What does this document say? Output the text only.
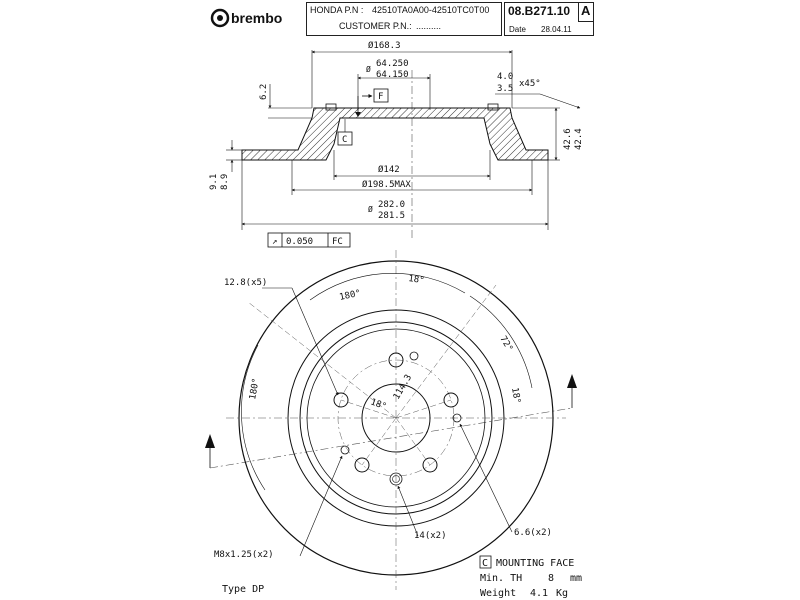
brembo	HONDA P.N : 42510TA0A00-42510TC0T00
CUSTOMER P.N.: ..........
08.B271.10 A
Date 28.04.11
Ø168.3
Ø
64.250
64.150	4.0
3.5 x45°
6.2	F
C	42.6 42.4
9.1 8.9
Ø142
Ø198.5MAX
Ø 282.0
281.5
↗ 0.050 FC
180°
18°
72°
180°	18°
114.3
18°
12.8(x5)
14(x2)
M8x1.25(x2)
6.6(x2)
C MOUNTING FACE
Min. TH	8 mm
Weight 4.1 Kg
Type DP
